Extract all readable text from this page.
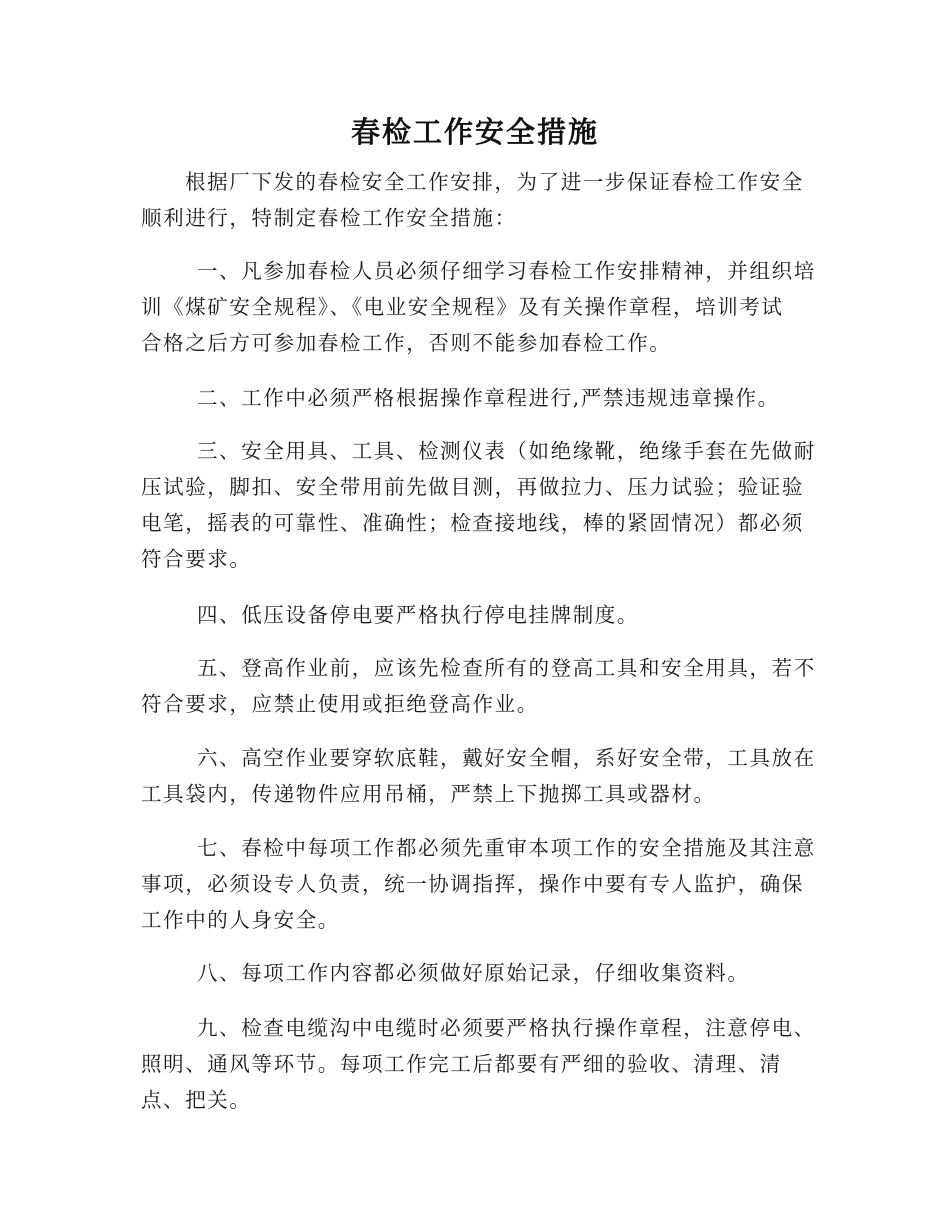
春检工作安全措施
根据厂下发的春检安全工作安排，为了进一步保证春检工作安全
顺利进行，特制定春检工作安全措施：
一、凡参加春检人员必须仔细学习春检工作安排精神，并组织培
训《煤矿安全规程》、《电业安全规程》及有关操作章程，培训考试
合格之后方可参加春检工作，否则不能参加春检工作。
二、工作中必须严格根据操作章程进行,严禁违规违章操作。
三、安全用具、工具、检测仪表（如绝缘靴，绝缘手套在先做耐
压试验，脚扣、安全带用前先做目测，再做拉力、压力试验；验证验
电笔，摇表的可靠性、准确性；检查接地线，棒的紧固情况）都必须
符合要求。
四、低压设备停电要严格执行停电挂牌制度。
五、登高作业前，应该先检查所有的登高工具和安全用具，若不
符合要求，应禁止使用或拒绝登高作业。
六、高空作业要穿软底鞋，戴好安全帽，系好安全带，工具放在
工具袋内，传递物件应用吊桶，严禁上下抛掷工具或器材。
七、春检中每项工作都必须先重审本项工作的安全措施及其注意
事项，必须设专人负责，统一协调指挥，操作中要有专人监护，确保
工作中的人身安全。
八、每项工作内容都必须做好原始记录，仔细收集资料。
九、检查电缆沟中电缆时必须要严格执行操作章程，注意停电、
照明、通风等环节。每项工作完工后都要有严细的验收、清理、清
点、把关。
